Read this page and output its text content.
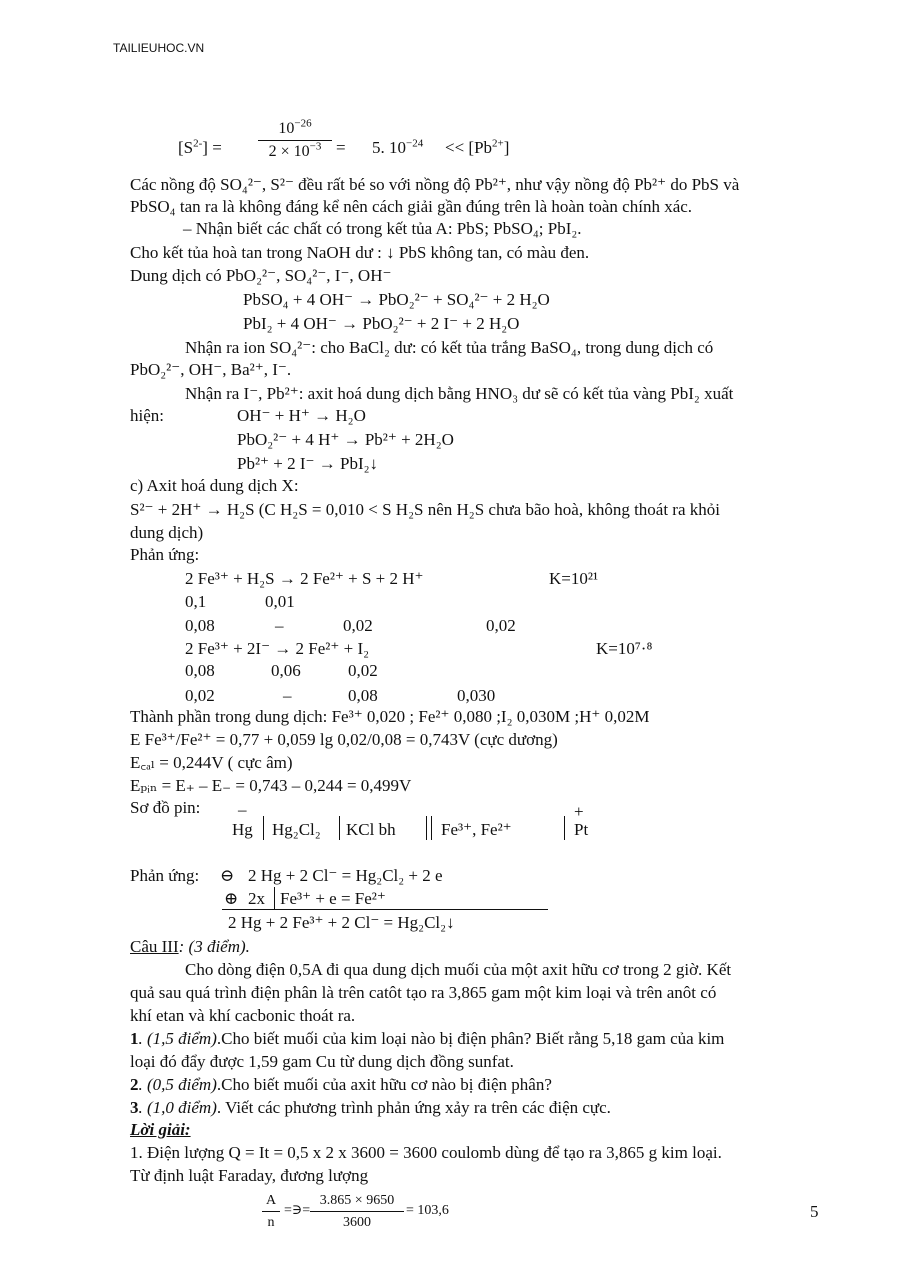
TAILIEUHOC.VN
$[S^{2-}] = \frac{10^{-26}}{2 \times 10^{-3}} = 5$. $10^{-24} << [Pb^{2+}]$
Các nồng độ SO₄²⁻, S²⁻ đều rất bé so với nồng độ Pb²⁺, như vậy nồng độ Pb²⁺ do PbS và
PbSO₄ tan ra là không đáng kể nên cách giải gần đúng trên là hoàn toàn chính xác.
– Nhận biết các chất có trong kết tủa A: PbS; PbSO₄; PbI₂.
Cho kết tủa hoà tan trong NaOH dư : ↓ PbS không tan, có màu đen.
Dung dịch có PbO₂²⁻, SO₄²⁻, I⁻, OH⁻
PbSO₄ + 4 OH⁻ → PbO₂²⁻ + SO₄²⁻ + 2 H₂O
PbI₂ + 4 OH⁻ → PbO₂²⁻ + 2 I⁻ + 2 H₂O
Nhận ra ion SO₄²⁻: cho BaCl₂ dư: có kết tủa trắng BaSO₄, trong dung dịch có
PbO₂²⁻, OH⁻, Ba²⁺, I⁻.
Nhận ra I⁻, Pb²⁺: axit hoá dung dịch bằng HNO₃ dư sẽ có kết tủa vàng PbI₂ xuất
hiện:	OH⁻ + H⁺ → H₂O
PbO₂²⁻ + 4 H⁺ → Pb²⁺ + 2H₂O
Pb²⁺ + 2 I⁻ → PbI₂↓
c) Axit hoá dung dịch X:
S²⁻ + 2H⁺ → H₂S (C H₂S = 0,010 < S H₂S nên H₂S chưa bão hoà, không thoát ra khỏi
dung dịch)
Phản ứng:
2 Fe³⁺ + H₂S → 2 Fe²⁺ + S + 2 H⁺	K=10²¹
0,1	0,01
0,08	–	0,02	0,02
2 Fe³⁺ + 2I⁻ → 2 Fe²⁺ + I₂	K=10⁷·⁸
0,08	0,06	0,02
0,02	–	0,08	0,030
Thành phần trong dung dịch: Fe³⁺ 0,020 ; Fe²⁺ 0,080 ;I₂ 0,030M ;H⁺ 0,02M
E Fe³⁺/Fe²⁺ = 0,77 + 0,059 lg 0,02/0,08 = 0,743V (cực dương)
E꜀ₐₗ = 0,244V ( cực âm)
Eₚᵢₙ = E₊ – E₋ = 0,743 – 0,244 = 0,499V
Sơ đồ pin: –	+
Hg Hg₂Cl₂ KCl bh	Fe³⁺, Fe²⁺	Pt
Phản ứng: ⊖ 2 Hg + 2 Cl⁻ = Hg₂Cl₂ + 2 e
⊕ 2x Fe³⁺ + e = Fe²⁺
2 Hg + 2 Fe³⁺ + 2 Cl⁻ = Hg₂Cl₂↓
Câu III: (3 điểm).
Cho dòng điện 0,5A đi qua dung dịch muối của một axit hữu cơ trong 2 giờ. Kết
quả sau quá trình điện phân là trên catôt tạo ra 3,865 gam một kim loại và trên anôt có
khí etan và khí cacbonic thoát ra.
1. (1,5 điểm).Cho biết muối của kim loại nào bị điện phân? Biết rằng 5,18 gam của kim
loại đó đẩy được 1,59 gam Cu từ dung dịch đồng sunfat.
2. (0,5 điểm).Cho biết muối của axit hữu cơ nào bị điện phân?
3. (1,0 điểm). Viết các phương trình phản ứng xảy ra trên các điện cực.
Lời giải:
1. Điện lượng Q = It = 0,5 x 2 x 3600 = 3600 coulomb dùng để tạo ra 3,865 g kim loại.
Từ định luật Faraday, đương lượng
$\frac{A}{n}$ =∋= $\frac{3.865 \times 9650}{3600} = 103,6$	5
